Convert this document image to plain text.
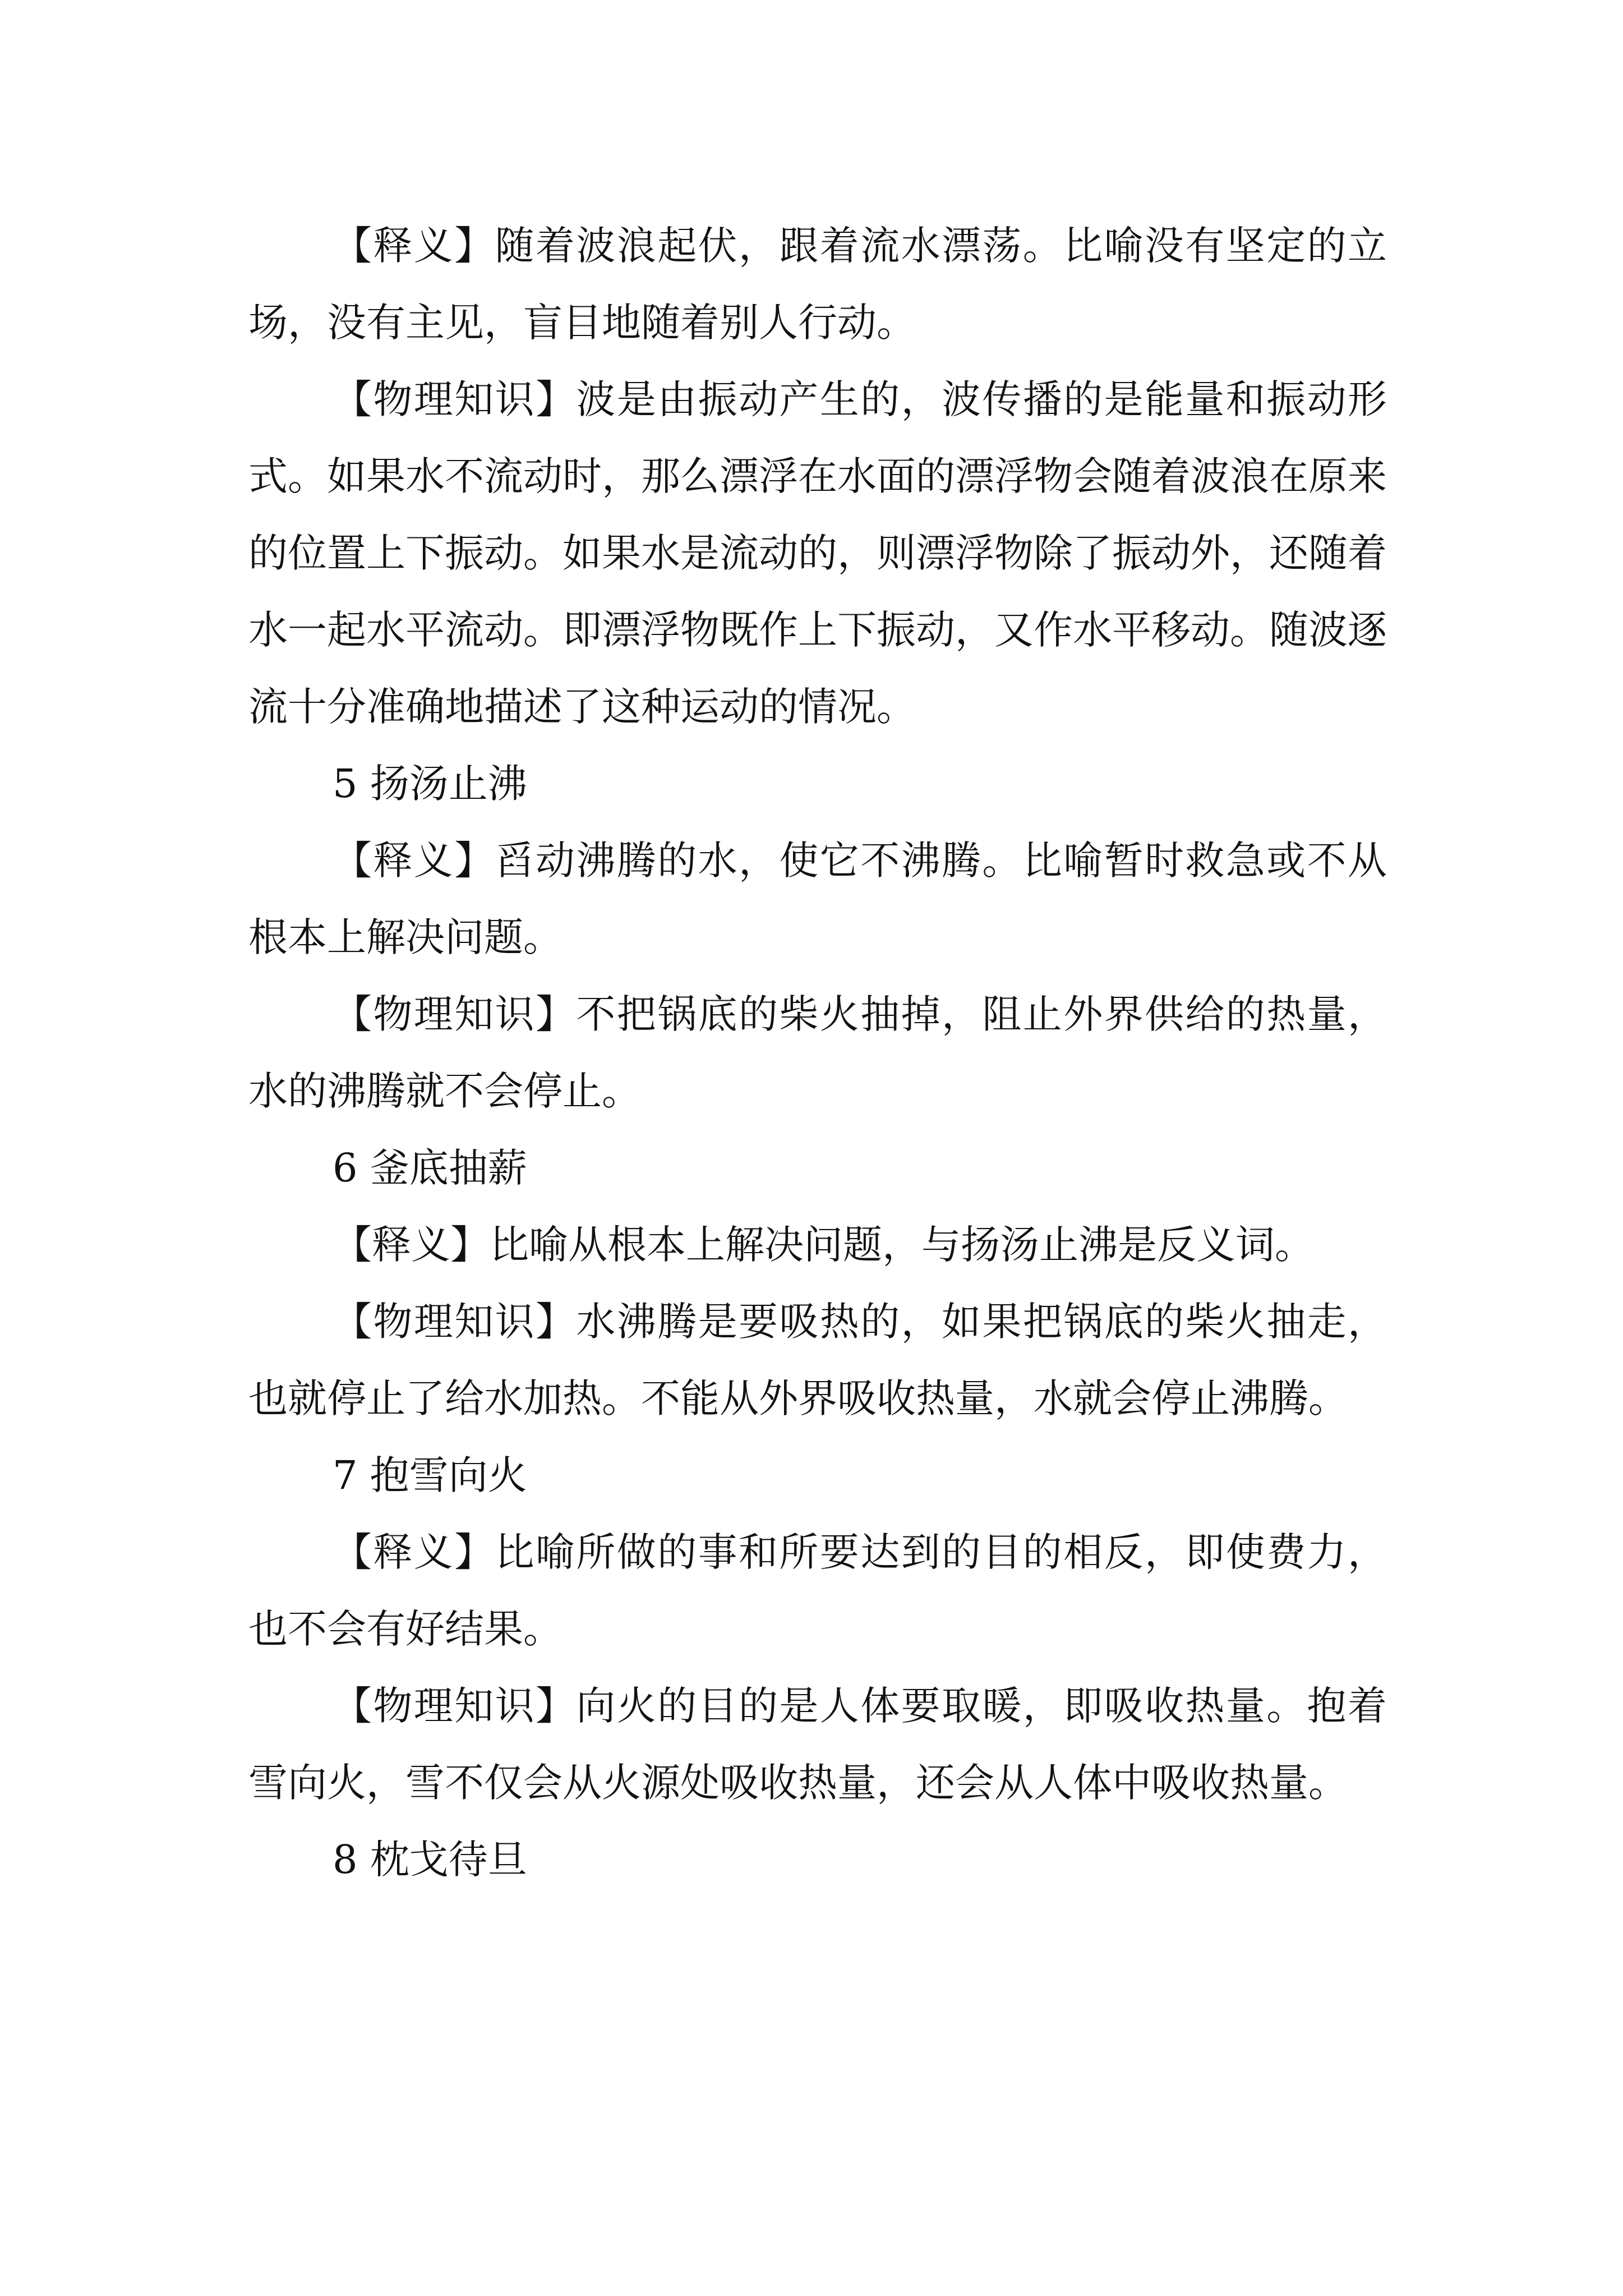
【释义】随着波浪起伏，跟着流水漂荡。比喻没有坚定的立场，没有主见，盲目地随着别人行动。

【物理知识】波是由振动产生的，波传播的是能量和振动形式。如果水不流动时，那么漂浮在水面的漂浮物会随着波浪在原来的位置上下振动。如果水是流动的，则漂浮物除了振动外，还随着水一起水平流动。即漂浮物既作上下振动，又作水平移动。随波逐流十分准确地描述了这种运动的情况。

5 扬汤止沸

【释义】舀动沸腾的水，使它不沸腾。比喻暂时救急或不从根本上解决问题。

【物理知识】不把锅底的柴火抽掉，阻止外界供给的热量，水的沸腾就不会停止。

6 釜底抽薪

【释义】比喻从根本上解决问题，与扬汤止沸是反义词。

【物理知识】水沸腾是要吸热的，如果把锅底的柴火抽走，也就停止了给水加热。不能从外界吸收热量，水就会停止沸腾。

7 抱雪向火

【释义】比喻所做的事和所要达到的目的相反，即使费力，也不会有好结果。

【物理知识】向火的目的是人体要取暖，即吸收热量。抱着雪向火，雪不仅会从火源处吸收热量，还会从人体中吸收热量。

8 枕戈待旦
